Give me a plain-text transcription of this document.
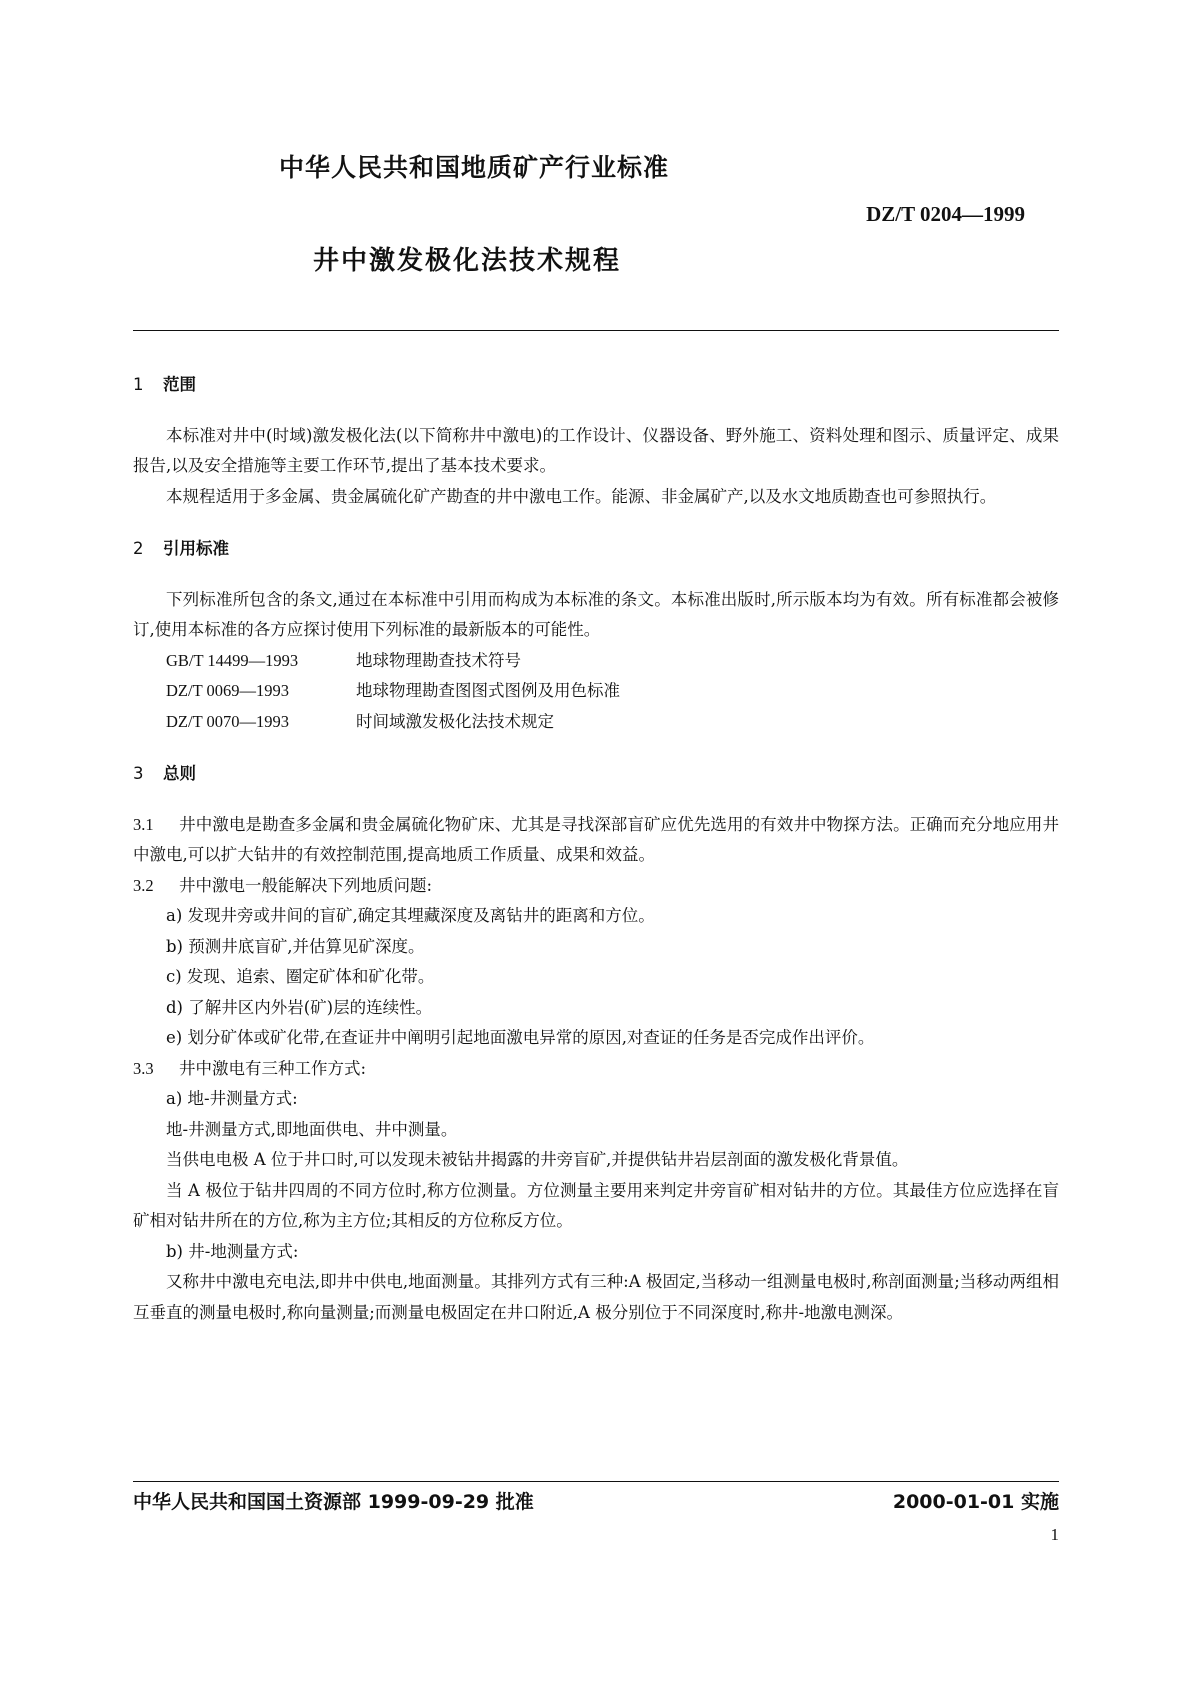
中华人民共和国地质矿产行业标准
DZ/T 0204—1999
井中激发极化法技术规程
1 范围
本标准对井中(时域)激发极化法(以下简称井中激电)的工作设计、仪器设备、野外施工、资料处理和图示、质量评定、成果报告,以及安全措施等主要工作环节,提出了基本技术要求。
本规程适用于多金属、贵金属硫化矿产勘查的井中激电工作。能源、非金属矿产,以及水文地质勘查也可参照执行。
2 引用标准
下列标准所包含的条文,通过在本标准中引用而构成为本标准的条文。本标准出版时,所示版本均为有效。所有标准都会被修订,使用本标准的各方应探讨使用下列标准的最新版本的可能性。
GB/T 14499—1993	地球物理勘查技术符号
DZ/T 0069—1993	地球物理勘查图图式图例及用色标准
DZ/T 0070—1993	时间域激发极化法技术规定
3 总则
3.1 井中激电是勘查多金属和贵金属硫化物矿床、尤其是寻找深部盲矿应优先选用的有效井中物探方法。正确而充分地应用井中激电,可以扩大钻井的有效控制范围,提高地质工作质量、成果和效益。
3.2 井中激电一般能解决下列地质问题:
a) 发现井旁或井间的盲矿,确定其埋藏深度及离钻井的距离和方位。
b) 预测井底盲矿,并估算见矿深度。
c) 发现、追索、圈定矿体和矿化带。
d) 了解井区内外岩(矿)层的连续性。
e) 划分矿体或矿化带,在查证井中阐明引起地面激电异常的原因,对查证的任务是否完成作出评价。
3.3 井中激电有三种工作方式:
a) 地-井测量方式:
地-井测量方式,即地面供电、井中测量。
当供电电极 A 位于井口时,可以发现未被钻井揭露的井旁盲矿,并提供钻井岩层剖面的激发极化背景值。
当 A 极位于钻井四周的不同方位时,称方位测量。方位测量主要用来判定井旁盲矿相对钻井的方位。其最佳方位应选择在盲矿相对钻井所在的方位,称为主方位;其相反的方位称反方位。
b) 井-地测量方式:
又称井中激电充电法,即井中供电,地面测量。其排列方式有三种:A 极固定,当移动一组测量电极时,称剖面测量;当移动两组相互垂直的测量电极时,称向量测量;而测量电极固定在井口附近,A 极分别位于不同深度时,称井-地激电测深。
中华人民共和国国土资源部 1999-09-29 批准	2000-01-01 实施
1
